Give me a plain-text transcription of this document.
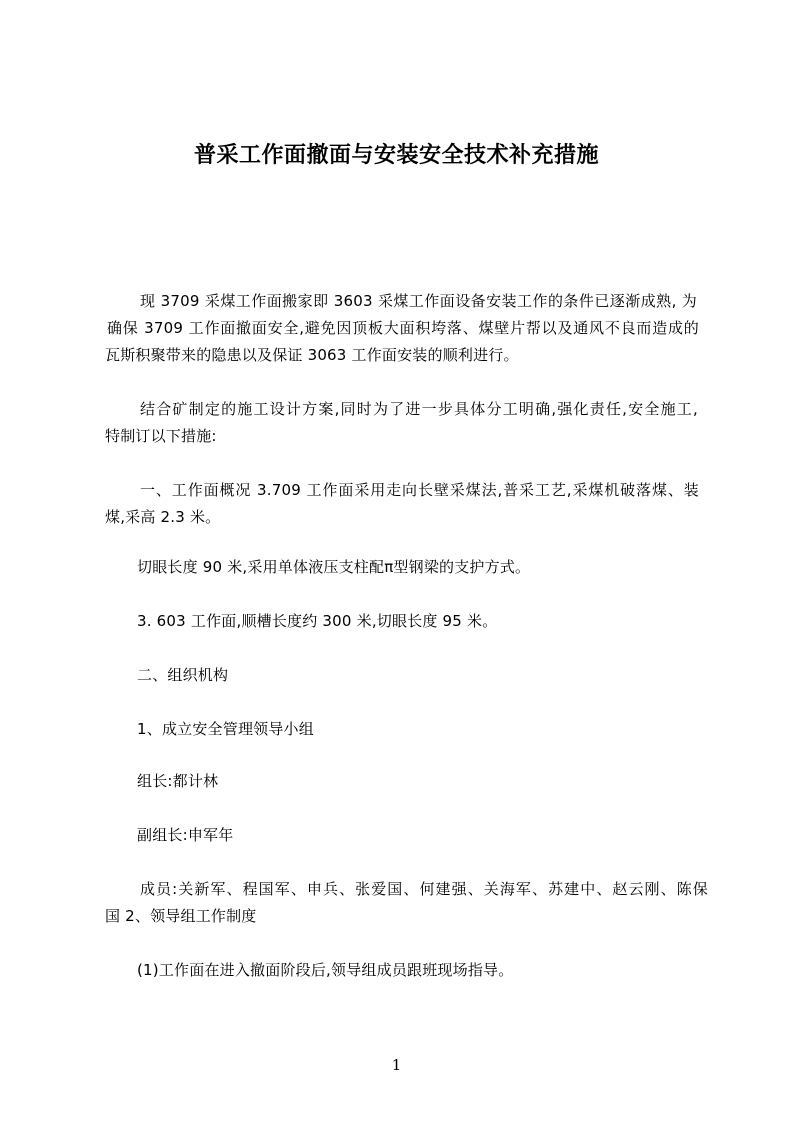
普采工作面撤面与安装安全技术补充措施
现 3709 采煤工作面搬家即 3603 采煤工作面设备安装工作的条件已逐渐成熟, 为
确保 3709 工作面撤面安全,避免因顶板大面积垮落、煤壁片帮以及通风不良而造成的
瓦斯积聚带来的隐患以及保证 3063 工作面安装的顺利进行。
结合矿制定的施工设计方案,同时为了进一步具体分工明确,强化责任,安全施工,
特制订以下措施:
一、工作面概况 3.709 工作面采用走向长壁采煤法,普采工艺,采煤机破落煤、装
煤,采高 2.3 米。
切眼长度 90 米,采用单体液压支柱配π型钢梁的支护方式。
3. 603 工作面,顺槽长度约 300 米,切眼长度 95 米。
二、组织机构
1、成立安全管理领导小组
组长:都计林
副组长:申军年
成员:关新军、程国军、申兵、张爱国、何建强、关海军、苏建中、赵云刚、陈保
国 2、领导组工作制度
(1)工作面在进入撤面阶段后,领导组成员跟班现场指导。
1
